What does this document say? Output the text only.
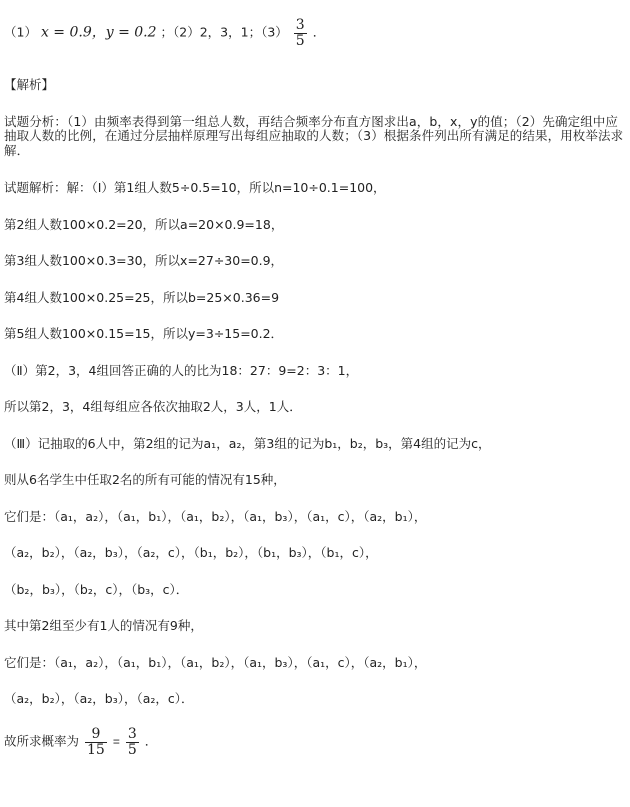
（1） x = 0.9，y = 0.2 ；（2）2，3，1；$(3) \frac{3}{5}$ ．
【解析】
试题分析：（1）由频率表得到第一组总人数，再结合频率分布直方图求出a，b，x，y的值；（2）先确定组中应抽取人数的比例，在通过分层抽样原理写出每组应抽取的人数；（3）根据条件列出所有满足的结果，用枚举法求解．
试题解析：解：（Ⅰ）第1组人数5÷0.5=10，所以n=10÷0.1=100，
第2组人数100×0.2=20，所以a=20×0.9=18，
第3组人数100×0.3=30，所以x=27÷30=0.9，
第4组人数100×0.25=25，所以b=25×0.36=9
第5组人数100×0.15=15，所以y=3÷15=0.2．
（Ⅱ）第2，3，4组回答正确的人的比为18：27：9=2：3：1，
所以第2，3，4组每组应各依次抽取2人，3人，1人．
（Ⅲ）记抽取的6人中，第2组的记为a₁，a₂，第3组的记为b₁，b₂，b₃，第4组的记为c，
则从6名学生中任取2名的所有可能的情况有15种，
它们是：（a₁，a₂），（a₁，b₁），（a₁，b₂），（a₁，b₃），（a₁，c），（a₂，b₁），
（a₂，b₂），（a₂，b₃），（a₂，c），（b₁，b₂），（b₁，b₃），（b₁，c），
（b₂，b₃），（b₂，c），（b₃，c）．
其中第2组至少有1人的情况有9种，
它们是：（a₁，a₂），（a₁，b₁），（a₁，b₂），（a₁，b₃），（a₁，c），（a₂，b₁），
（a₂，b₂），（a₂，b₃），（a₂，c）．
故所求概率为 $\frac{9}{15} = \frac{3}{5}$ ．
